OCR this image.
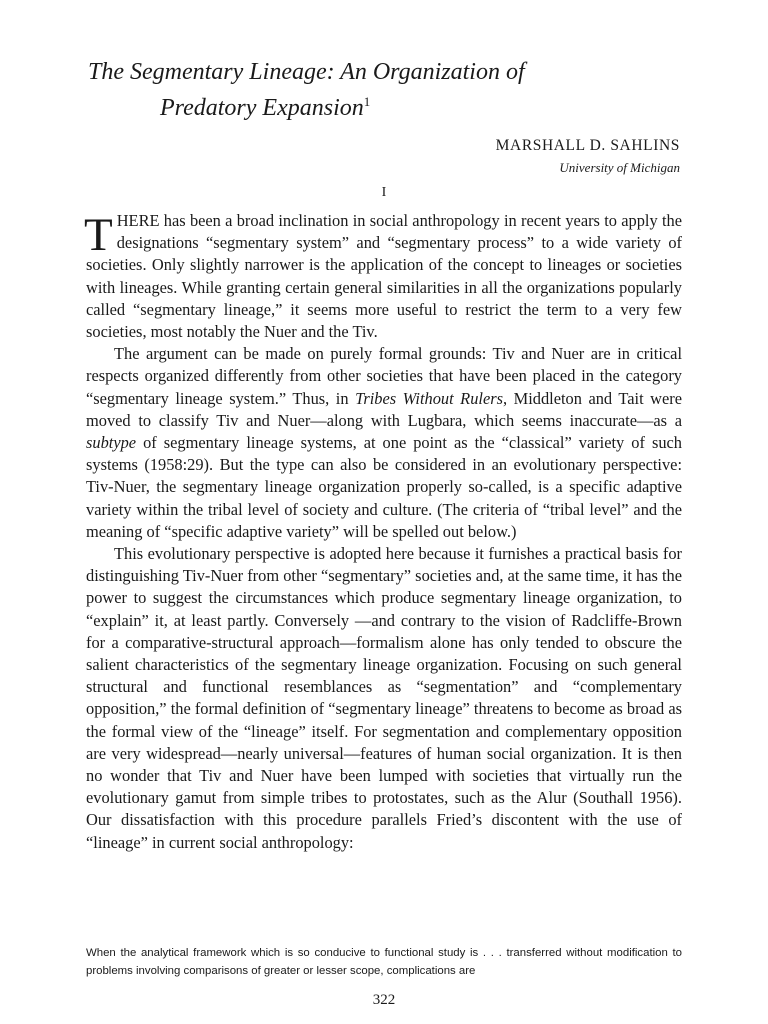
The Segmentary Lineage: An Organization of
Predatory Expansion$^1$
MARSHALL D. SAHLINS
University of Michigan
I

THERE has been a broad inclination in social anthropology in recent years to apply the designations “segmentary system” and “segmentary process” to a wide variety of societies. Only slightly narrower is the application of the concept to lineages or societies with lineages. While granting certain general similarities in all the organizations popularly called “segmentary lineage,” it seems more useful to restrict the term to a very few societies, most notably the Nuer and the Tiv.

The argument can be made on purely formal grounds: Tiv and Nuer are in critical respects organized differently from other societies that have been placed in the category “segmentary lineage system.” Thus, in Tribes Without Rulers, Middleton and Tait were moved to classify Tiv and Nuer—along with Lugbara, which seems inaccurate—as a subtype of segmentary lineage systems, at one point as the “classical” variety of such systems (1958:29). But the type can also be considered in an evolutionary perspective: Tiv-Nuer, the segmentary lineage organization properly so-called, is a specific adaptive variety within the tribal level of society and culture. (The criteria of “tribal level” and the meaning of “specific adaptive variety” will be spelled out below.)

This evolutionary perspective is adopted here because it furnishes a practical basis for distinguishing Tiv-Nuer from other “segmentary” societies and, at the same time, it has the power to suggest the circumstances which produce segmentary lineage organization, to “explain” it, at least partly. Conversely —and contrary to the vision of Radcliffe-Brown for a comparative-structural approach—formalism alone has only tended to obscure the salient characteristics of the segmentary lineage organization. Focusing on such general structural and functional resemblances as “segmentation” and “complementary opposition,” the formal definition of “segmentary lineage” threatens to become as broad as the formal view of the “lineage” itself. For segmentation and complementary opposition are very widespread—nearly universal—features of human social organization. It is then no wonder that Tiv and Nuer have been lumped with societies that virtually run the evolutionary gamut from simple tribes to protostates, such as the Alur (Southall 1956). Our dissatisfaction with this procedure parallels Fried’s discontent with the use of “lineage” in current social anthropology:

When the analytical framework which is so conducive to functional study is . . . transferred without modification to problems involving comparisons of greater or lesser scope, complications are
322
